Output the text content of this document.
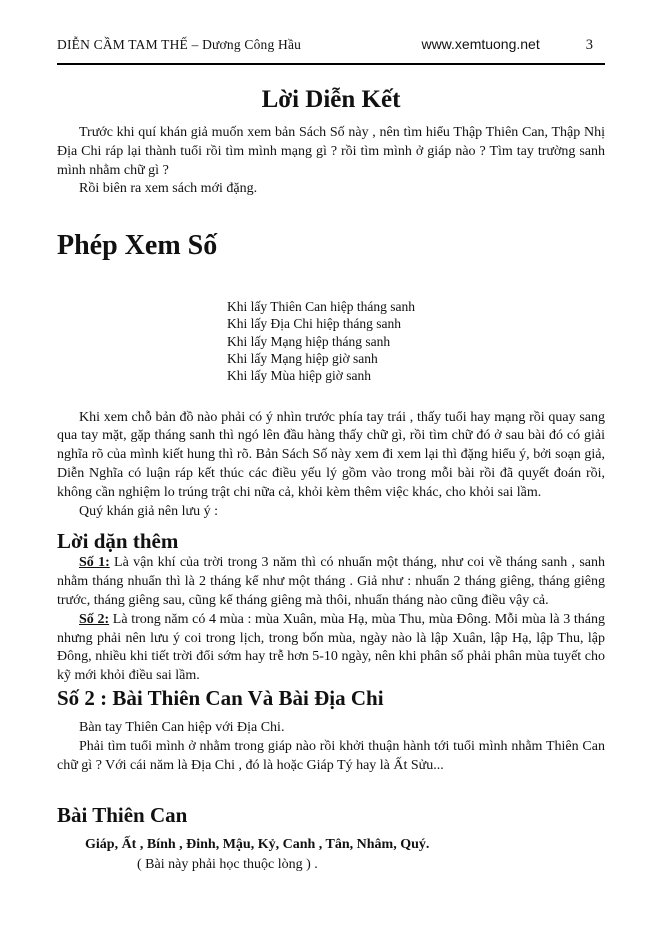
DIỄN CẦM TAM THẾ – Dương Công Hầu	www.xemtuong.net	3
Lời Diễn Kết

Trước khi quí khán giả muốn xem bản Sách Số này , nên tìm hiểu Thập Thiên Can, Thập Nhị Địa Chi ráp lại thành tuổi rồi tìm mình mạng gì ? rồi tìm mình ở giáp nào ? Tìm tay trường sanh mình nhằm chữ gì ?

Rồi biên ra xem sách mới đặng.

Phép Xem Số
Khi lấy Thiên Can hiệp tháng sanh
Khi lấy Địa Chi hiệp tháng sanh
Khi lấy Mạng hiệp tháng sanh
Khi lấy Mạng hiệp giờ sanh
Khi lấy Mùa hiệp giờ sanh

Khi xem chỗ bản đồ nào phải có ý nhìn trước phía tay trái , thấy tuổi hay mạng rồi quay sang qua tay mặt, gặp tháng sanh thì ngó lên đầu hàng thấy chữ gì, rồi tìm chữ đó ở sau bài đó có giải nghĩa rõ của mình kiết hung thì rõ. Bản Sách Số này xem đi xem lại thì đặng hiểu ý, bởi soạn giả, Diễn Nghĩa có luận ráp kết thúc các điều yếu lý gồm vào trong mỗi bài rồi đã quyết đoán rồi, không cần nghiệm lo trúng trật chi nữa cả, khỏi kèm thêm việc khác, cho khỏi sai lầm.

Quý khán giả nên lưu ý :

Lời dặn thêm

Số 1: Là vận khí của trời trong 3 năm thì có nhuẩn một tháng, như coi về tháng sanh , sanh nhằm tháng nhuẩn thì là 2 tháng kể như một tháng . Giả như : nhuẩn 2 tháng giêng, tháng giêng trước, tháng giêng sau, cũng kể tháng giêng mà thôi, nhuẩn tháng nào cũng điều vậy cả.

Số 2: Là trong năm có 4 mùa : mùa Xuân, mùa Hạ, mùa Thu, mùa Đông. Mỗi mùa là 3 tháng nhưng phải nên lưu ý coi trong lịch, trong bốn mùa, ngày nào là lập Xuân, lập Hạ, lập Thu, lập Đông, nhiều khi tiết trời đổi sớm hay trễ hơn 5-10 ngày, nên khi phân số phải phân mùa tuyết cho kỹ mới khỏi điều sai lầm.

Số 2 : Bài Thiên Can Và Bài Địa Chi

Bàn tay Thiên Can hiệp với Địa Chi.

Phải tìm tuổi mình ở nhằm trong giáp nào rồi khởi thuận hành tới tuổi mình nhằm Thiên Can chữ gì ? Với cái năm là Địa Chi , đó là hoặc Giáp Tý hay là Ất Sửu...

Bài Thiên Can
Giáp, Ất , Bính , Đinh, Mậu, Kỷ, Canh , Tân, Nhâm, Quý.
( Bài này phải học thuộc lòng ) .
